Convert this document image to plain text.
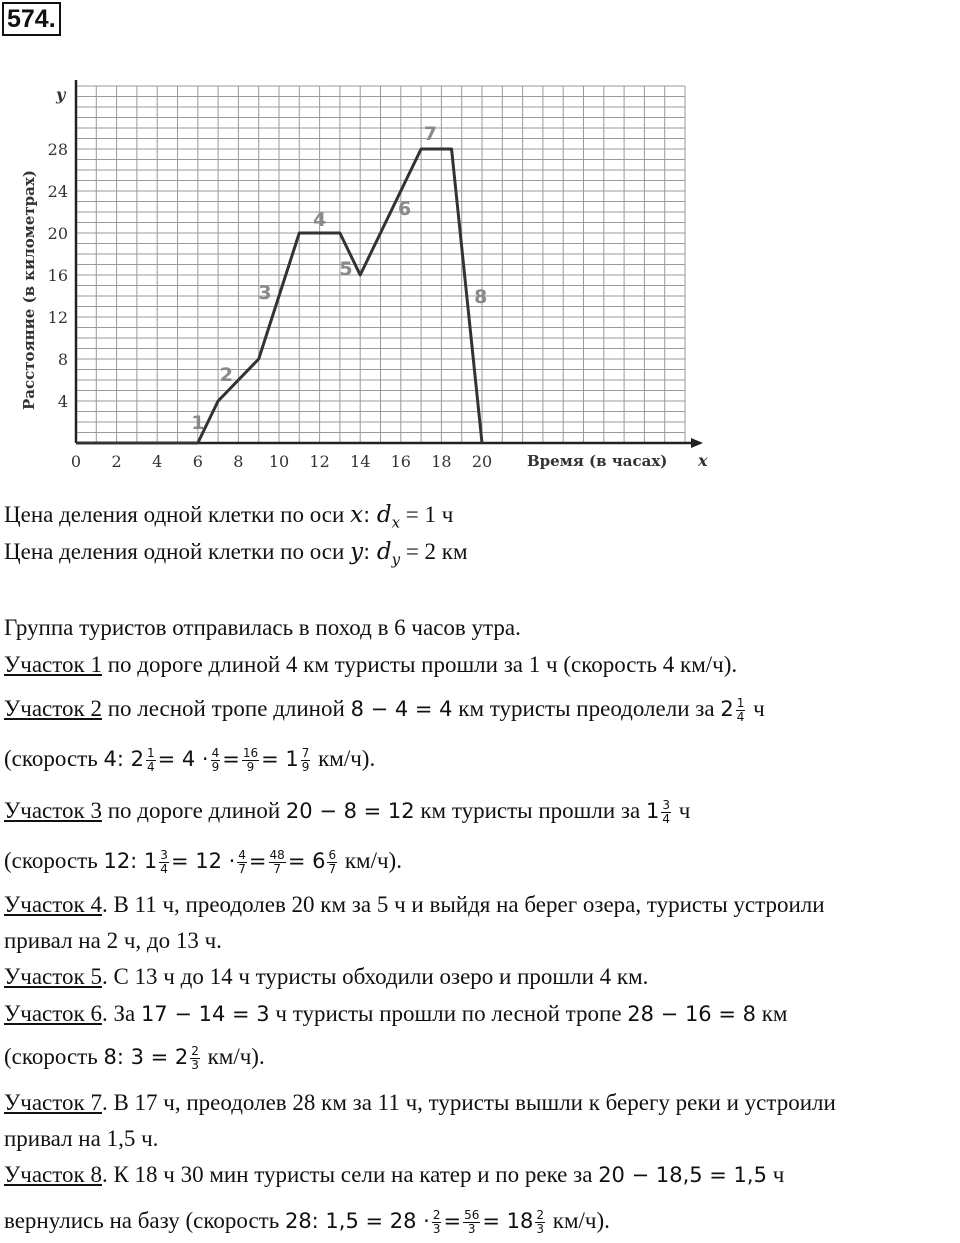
574.
0 2 4 6 8 10 12 14 16 18 20
4
8
12
16
20
24
28
1
2
3
4
5
6
7
8
y
x
Время (в часах)
Расстояние (в километрах)
Цена деления одной клетки по оси x: $d_x = 1$ ч
Цена деления одной клетки по оси y: $d_y = 2$ км
Группа туристов отправилась в поход в 6 часов утра.
Участок 1 по дороге длиной 4 км туристы прошли за 1 ч (скорость 4 км/ч).
Участок 2 по лесной тропе длиной 8 − 4 = 4 км туристы преодолели за $2 \frac{1}{4}$ ч
(скорость 4: $2 \frac{1}{4} = 4 \cdot \frac{4}{9} = \frac{16}{9} = 1 \frac{7}{9} км/ч$).
Участок 3 по дороге длиной 20 − 8 = 12 км туристы прошли за $1 \frac{3}{4}$ ч
(скорость 12: $1 \frac{3}{4} = 12 \cdot \frac{4}{7} = \frac{48}{7} = 6 \frac{6}{7} км/ч$).
Участок 4. В 11 ч, преодолев 20 км за 5 ч и выйдя на берег озера, туристы устроили
привал на 2 ч, до 13 ч.
Участок 5. С 13 ч до 14 ч туристы обходили озеро и прошли 4 км.
Участок 6. За 17 − 14 = 3 ч туристы прошли по лесной тропе 28 − 16 = 8 км
(скорость 8: $3 = 2 \frac{2}{3} км/ч$).
Участок 7. В 17 ч, преодолев 28 км за 11 ч, туристы вышли к берегу реки и устроили
привал на 1,5 ч.
Участок 8. К 18 ч 30 мин туристы сели на катер и по реке за 20 − 18,5 = 1,5 ч
вернулись на базу (скорость 28: $1,5 = 28 \cdot \frac{2}{3} = \frac{56}{3} = 18 \frac{2}{3} км/ч$).
